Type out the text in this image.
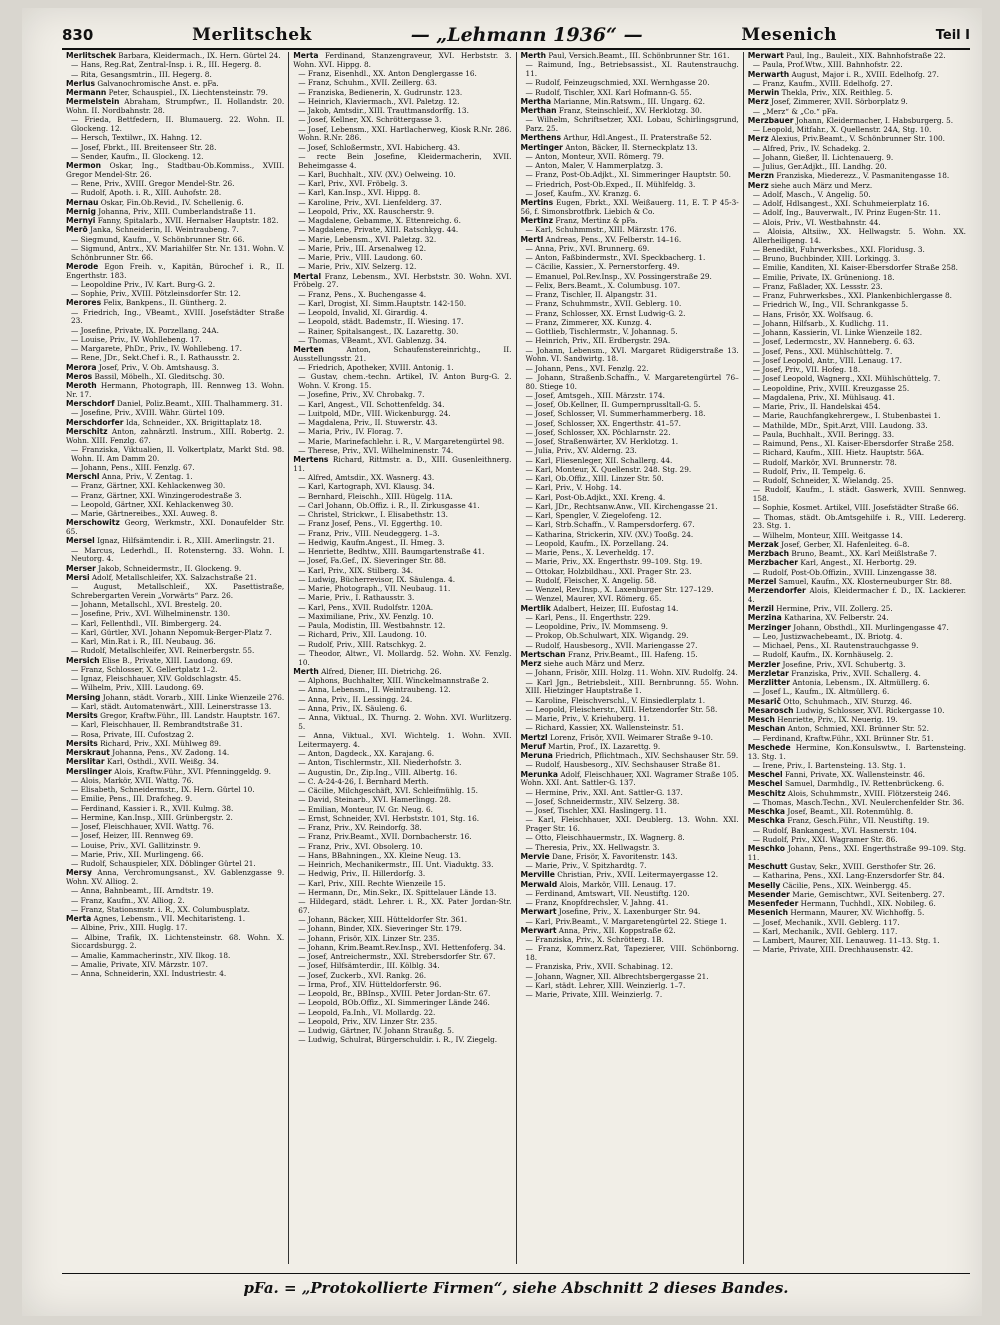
830	Merlitschek	— „Lehmann 1936“ —	Mesenich	Teil I

Merlitschek Barbara, Kleidermach., IX. Hern. Gürtel 24.

— Hans, Reg.Rat, Zentral-Insp. i. R., III. Hegerg. 8.

— Rita, Gesangsmtrin., III. Hegerg. 8.

Merlus Galvanochromische Anst. e. pFa.

Mermann Peter, Schauspiel., IX. Liechtensteinstr. 79.

Mermelstein Abraham, Strumpfwr., II. Hollandstr. 20. Wohn. II. Nordbahnstr. 28.

— Frieda, Bettfedern, II. Blumauerg. 22. Wohn. II. Glockeng. 12.

— Hersch, Textilwr., IX. Hahng. 12.

— Josef, Fbrkt., III. Breitenseer Str. 28.

— Sender, Kaufm., II. Glockeng. 12.

Mermon Oskar, Ing., Stadtbau-Ob.Kommiss., XVIII. Gregor Mendel-Str. 26.

— Rene, Priv., XVIII. Gregor Mendel-Str. 26.

— Rudolf, Apoth. i. R., XIII. Auhofstr. 28.

Mernau Oskar, Fin.Ob.Revid., IV. Schellenig. 6.

Mernig Johanna, Priv., XIII. Cumberlandstraße 11.

Mernyi Fanny, Spitalarb., XVII. Hernalser Hauptstr. 182.

Merö Janka, Schneiderin, II. Weintraubeng. 7.

— Siegmund, Kaufm., V. Schönbrunner Str. 66.

— Sigmund, Antrx., XV. Mariahilfer Str. Nr. 131. Wohn. V. Schönbrunner Str. 66.

Merode Egon Freih. v., Kapitän, Bürochef i. R., II. Engerthstr. 183.

— Leopoldine Priv., IV. Kart. Burg-G. 2.

— Sophie, Priv., XVIII. Pötzleinsdorfer Str. 12.

Merores Felix, Bankpens., II. Güntherg. 2.

— Friedrich, Ing., VBeamt., XVIII. Josefstädter Straße 23.

— Josefine, Private, IX. Porzellang. 24A.

— Louise, Priv., IV. Wohllebeng. 17.

— Margarete, PhDr., Priv., IV. Wohllebeng. 17.

— Rene, JDr., Sekt.Chef i. R., I. Rathausstr. 2.

Merora Josef, Priv., V. Ob. Amtshausg. 3.

Meros Bassil, Möbelh., XI. Gleditschg. 30.

Meroth Hermann, Photograph, III. Rennweg 13. Wohn. Nr. 17.

Merschdorf Daniel, Poliz.Beamt., XIII. Thalhammerg. 31.

— Josefine, Priv., XVIII. Währ. Gürtel 109.

Merschdorfer Ida, Schneider., XX. Brigittaplatz 18.

Merschitz Anton, zahnärztl. Instrum., XIII. Robertg. 2. Wohn. XIII. Fenzlg. 67.

— Franziska, Viktualien, II. Volkertplatz, Markt Std. 98. Wohn. II. Am Damm 20.

— Johann, Pens., XIII. Fenzlg. 67.

Merschl Anna, Priv., V. Zentag. 1.

— Franz, Gärtner, XXI. Kehlackenweg 30.

— Franz, Gärtner, XXI. Winzingerodestraße 3.

— Leopold, Gärtner, XXI. Kehlackenweg 30.

— Marie, Gärtnereibes., XXI. Auweg. 8.

Merschowitz Georg, Werkmstr., XXI. Donaufelder Str. 65.

Mersel Ignaz, Hilfsämtendir. i. R., XIII. Amerlingstr. 21.

— Marcus, Lederhdl., II. Rotensterng. 33. Wohn. I. Neutorg. 4.

Merser Jakob, Schneidermstr., II. Glockeng. 9.

Mersi Adolf, Metallschleifer, XX. Salzachstraße 21.

— August, Metallschleif., XX. Pasettistraße, Schrebergarten Verein „Vorwärts“ Parz. 26.

— Johann, Metallschl., XVI. Brestelg. 20.

— Josefine, Priv., XVI. Wilhelminenstr. 130.

— Karl, Fellenthdl., VII. Bimbergerg. 24.

— Karl, Gürtler, XVI. Johann Nepomuk-Berger-Platz 7.

— Karl, Min.Rat i. R., III. Neubaug. 36.

— Rudolf, Metallschleifer, XVI. Reinerbergstr. 55.

Mersich Elise B., Private, XIII. Laudong. 69.

— Franz, Schlosser, X. Gellertplatz 1–2.

— Ignaz, Fleischhauer, XIV. Goldschlagstr. 45.

— Wilhelm, Priv., XIII. Laudong. 69.

Mersing Johann, städt. Vorarb., XIII. Linke Wienzeile 276.

— Karl, städt. Automatenwärt., XIII. Leinerstrasse 13.

Mersits Gregor, Kraftw.Führ., III. Landstr. Hauptstr. 167.

— Karl, Fleischhauer, II. Rembrandtstraße 31.

— Rosa, Private, III. Cufostzag 2.

Mersits Richard, Priv., XXI. Mühlweg 89.

Merskraut Johanna, Pens., XV. Zadong. 14.

Merslitar Karl, Osthdl., XVII. Weißg. 34.

Merslinger Alois, Kraftw.Führ., XVI. Pfenninggeldg. 9.

— Alois, Markör, XVII. Wattg. 76.

— Elisabeth, Schneidermstr., IX. Hern. Gürtel 10.

— Emilie, Pens., III. Drafcheg. 9.

— Ferdinand, Kassier i. R., XVII. Kulmg. 38.

— Hermine, Kan.Insp., XIII. Grünbergstr. 2.

— Josef, Fleischhauer, XVII. Wattg. 76.

— Josef, Heizer, III. Rennweg 69.

— Louise, Priv., XVI. Gallitzinstr. 9.

— Marie, Priv., XII. Murlingeng. 66.

— Rudolf, Schauspieler, XIX. Döblinger Gürtel 21.

Mersy Anna, Verchromungsanst., XV. Gablenzgasse 9. Wohn. XV. Alliog. 2.

— Anna, Bahnbeamt., III. Arndtstr. 19.

— Franz, Kaufm., XV. Alliog. 2.

— Franz, Stationsmstr. i. R., XX. Columbusplatz.

Merta Agnes, Lebensm., VII. Mechitaristeng. 1.

— Albine, Priv., XIII. Huglg. 17.

— Albine, Trafik, IX. Lichtensteinstr. 68. Wohn. X. Siccardsburgg. 2.

— Amalie, Kammacherinstr., XIV. Ilkog. 18.

— Amalie, Private, XIV. Märzstr. 107.

— Anna, Schneiderin, XXI. Industriestr. 4.

Merta Ferdinand, Stanzengraveur, XVI. Herbststr. 3. Wohn. XVI. Hippg. 8.

— Franz, Eisenhdl., XX. Anton Denglergasse 16.

— Franz, Schuhm., XVII. Zeillerg. 63.

— Franziska, Bedienerin, X. Gudrunstr. 123.

— Heinrich, Klaviermach., XVI. Paletzg. 12.

— Jakob, Amtsdir., XIII. Trauttmansdorffg. 13.

— Josef, Kellner, XX. Schröttergasse 3.

— Josef, Lebensm., XXI. Hartlacherweg, Kiosk R.Nr. 286. Wohn. R.Nr. 286.

— Josef, Schloßermstr., XVI. Habicherg. 43.

— recte Bein Josefine, Kleidermacherin, XVII. Beheimgasse 4.

— Karl, Buchhalt., XIV. (XV.) Oelweing. 10.

— Karl, Priv., XVI. Fröbelg. 3.

— Karl, Kan.Insp., XVI. Hippg. 8.

— Karoline, Priv., XVI. Lienfelderg. 37.

— Leopold, Priv., XX. Rauscherstr. 9.

— Magdalene, Gebamme, X. Ettenreichg. 6.

— Magdalene, Private, XIII. Ratschkyg. 44.

— Marie, Lebensm., XVI. Paletzg. 32.

— Marie, Priv., III. Arsenalweg 12.

— Marie, Priv., VIII. Laudong. 60.

— Marie, Priv., XIV. Selzerg. 12.

Mertal Franz, Lebensm., XVI. Herbststr. 30. Wohn. XVI. Fröbelg. 27.

— Franz, Pens., X. Buchengasse 4.

— Karl, Drogist, XI. Simm.Hauptstr. 142-150.

— Leopold, Invalid, XI. Girardig. 4.

— Leopold, städt. Bademstr., II. Wiesing. 17.

— Rainer, Spitalsangest., IX. Lazarettg. 30.

— Thomas, VBeamt., XVI. Gablenzg. 34.

Merten	Anton, Schaufenstereinrichtg., II. Ausstellungsstr. 21.

— Friedrich, Apotheker, XVIII. Antonig. 1.

— Gustav, chem.-techn. Artikel, IV. Anton Burg-G. 2. Wohn. V. Krong. 15.

— Josefine, Priv., XV. Chrobakg. 7.

— Karl, Angest., VII. Schottenfeldg. 34.

— Luitpold, MDr., VIII. Wickenburgg. 24.

— Magdalena, Priv., II. Stuwerstr. 43.

— Maria, Priv., IV. Florag. 7.

— Marie, Marinefachlehr. i. R., V. Margaretengürtel 98.

— Therese, Priv., XVI. Wilhelminenstr. 74.

Mertens Richard, Rittmstr. a. D., XIII. Gusenleithnerg. 11.

— Alfred, Amtsdir., XX. Wasnerg. 43.

— Karl, Kartograph, XVI. Klausg. 34.

— Bernhard, Fleischh., XIII. Hügelg. 11A.

— Carl Johann, Ob.Offiz. i. R., II. Zirkusgasse 41.

— Christel, Strickwr., I. Elisabethstr. 13.

— Franz Josef, Pens., VI. Eggerthg. 10.

— Franz, Priv., VIII. Neudeggerg. 1–3.

— Hedwig, Kaufm.Angest., II. Hmeg. 3.

— Henriette, Bedhtw., XIII. Baumgartenstraße 41.

— Josef, Fa.Gef., IX. Sieveringer Str. 88.

— Karl, Priv., XIX. Stilberg. 34.

— Ludwig, Bücherrevisor, IX. Säulenga. 4.

— Marie, Photograph., VII. Neubaug. 11.

— Marie, Priv., I. Rathausstr. 3.

— Karl, Pens., XVII. Rudolfstr. 120A.

— Maximiliane, Priv., XV. Fenzlg. 10.

— Paula, Modistin, III. Westbahnstr. 12.

— Richard, Priv., XII. Laudong. 10.

— Rudolf, Priv., XIII. Ratschkyg. 2.

— Theodor, Altwr., VI. Mollardg. 52. Wohn. XV. Fenzlg. 10.

Merth Alfred, Diener, III. Dietrichg. 26.

— Alphons, Buchhalter, XIII. Winckelmannstraße 2.

— Anna, Lebensm., II. Weintraubeng. 12.

— Anna, Priv., II. Lessingg. 24.

— Anna, Priv., IX. Säuleng. 6.

— Anna, Viktual., IX. Thurng. 2. Wohn. XVI. Wurlitzerg. 5.

— Anna, Viktual., XVI. Wichtelg. 1. Wohn. XVII. Leitermayerg. 4.

— Anton, Dagdeck., XX. Karajang. 6.

— Anton, Tischlermstr., XII. Niederhofstr. 3.

— Augustin, Dr., Zip.Ing., VIII. Albertg. 16.

— C. A-24-4-26, I. Bernhard Merth.

— Cäcilie, Milchgeschäft, XVI. Schleifmühlg. 15.

— David, Steinarb., XVI. Hamerlingg. 28.

— Emilian, Monteur, IV. Gr. Neug. 6.

— Ernst, Schneider, XVI. Herbststr. 101, Stg. 16.

— Franz, Priv., XV. Reindorfg. 38.

— Franz, Priv.Beamt., XVII. Dornbacherstr. 16.

— Franz, Priv., XVI. Obsolerg. 10.

— Hans, BBahningen., XX. Kleine Neug. 13.

— Heinrich, Mechanikermstr., III. Unt. Viaduktg. 33.

— Hedwig, Priv., II. Hillerdorfg. 3.

— Karl, Priv., XIII. Rechte Wienzeile 15.

— Hermann, Dr., Min.Sekr., IX. Spittelauer Lände 13.

— Hildegard, städt. Lehrer. i. R., XX. Pater Jordan-Str. 67.

— Johann, Bäcker, XIII. Hütteldorfer Str. 361.

— Johann, Binder, XIX. Sieveringer Str. 179.

— Johann, Frisör, XIX. Linzer Str. 235.

— Johann, Krim.Beamt.Rev.Insp., XVI. Hettenfoferg. 34.

— Josef, Antreichermstr., XXI. Strebersdorfer Str. 67.

— Josef, Hilfsämterdir., III. Kölblg. 34.

— Josef, Zuckerb., XVI. Rankg. 26.

— Irma, Prof., XIV. Hütteldorferstr. 96.

— Leopold, Br., BBInsp., XVIII. Peter Jordan-Str. 67.

— Leopold, BOb.Offiz., XI. Simmeringer Lände 246.

— Leopold, Fa.Inh., VI. Mollardg. 22.

— Leopold, Priv., XIV. Linzer Str. 235.

— Ludwig, Gärtner, IV. Johann Straußg. 5.

— Ludwig, Schulrat, Bürgerschuldir. i. R., IV. Ziegelg.

Merth Paul, Versich.Beamt., III. Schönbrunner Str. 161.

— Raimund, Ing., Betriebsassist., XI. Rautenstrauchg. 11.

— Rudolf, Feinzeugschmied, XXI. Wernhgasse 20.

— Rudolf, Tischler, XXI. Karl Hofmann-G. 55.

Mertha Marianne, Min.Ratswm., III. Ungarg. 62.

Merthan Franz, Steinschleif., XV. Herklotzg. 30.

— Wilhelm, Schriftsetzer, XXI. Lobau, Schirlingsgrund, Parz. 25.

Merthens Arthur, Hdl.Angest., II. Praterstraße 52.

Mertinger Anton, Bäcker, II. Sterneckplatz 13.

— Anton, Monteur, XVII. Römerg. 79.

— Anton, Maler, V. Hammerplatzg. 3.

— Franz, Post-Ob.Adjkt., XI. Simmeringer Hauptstr. 50.

— Friedrich, Post-Ob.Exped., II. Mühlfeldg. 3.

— Josef, Kaufm., XV. Kranzg. 6.

Mertins Eugen, Fbrkt., XXI. Weißauerg. 11, E. T. P 45-3-56, f. Simonsbrotfbrk. Liebich & Co.

Mertinz Franz, Mertinz & pFa.

— Karl, Schuhmmstr., XIII. Märzstr. 176.

Mertl Andreas, Pens., XV. Felberstr. 14–16.

— Anna, Priv., XVI. Brunnerg. 69.

— Anton, Faßbindermstr., XVI. Speckbacherg. 1.

— Cäcilie, Kassier., X. Pernerstorferg. 49.

— Emanuel, Pol.Rev.Insp., XV. Possingerstraße 29.

— Felix, Bers.Beamt., X. Columbusg. 107.

— Franz, Tischler, II. Alpangstr. 31.

— Franz, Schuhmmstr., XVII. Geblerg. 10.

— Franz, Schlosser, XX. Ernst Ludwig-G. 2.

— Franz, Zimmerer, XX. Kunzg. 4.

— Gottlieb, Tischlermstr., V. Johannag. 5.

— Heinrich, Priv., XII. Erdbergstr. 29A.

— Johann, Lebensm., XVI. Margaret Rüdigerstraße 13. Wohn. VI. Sandwirtg. 18.

— Johann, Pens., XVI. Fenzlg. 22.

— Johann, Straßenb.Schaffn., V. Margaretengürtel 76–80. Stiege 10.

— Josef, Amtsgeh., XIII. Märzstr. 174.

— Josef, Ob.Kellner, II. Gumpernprussltall-G. 5.

— Josef, Schlosser, VI. Summerhammerberg. 18.

— Josef, Schlosser, XX. Engerthstr. 41–57.

— Josef, Schlosser, XX. Pöchlarnstr. 22.

— Josef, Straßenwärter, XV. Herklotzg. 1.

— Julia, Priv., XV. Alderng. 23.

— Karl, Fliesenleger, XII. Schallerg. 44.

— Karl, Monteur, X. Quellenstr. 248. Stg. 29.

— Karl, Ob.Offiz., XIII. Linzer Str. 50.

— Karl, Priv., V. Hohg. 14.

— Karl, Post-Ob.Adjkt., XXI. Kreng. 4.

— Karl, JDr., Rechtsanw.Anw., VII. Kirchengasse 21.

— Karl, Spengler, V. Ziegelofeng. 12.

— Karl, Strb.Schaffn., V. Rampersdorferg. 67.

— Katharina, Strickerin, XIV. (XV.) Tooßg. 24.

— Leopold, Kaufm., IX. Porzellang. 24.

— Marie, Pens., X. Leverheldg. 17.

— Marie, Priv., XX. Engerthstr. 99–109. Stg. 19.

— Ottokar, Holzbildhau., XXI. Prager Str. 23.

— Rudolf, Fleischer, X. Angelig. 58.

— Wenzel, Rev.Insp., X. Laxenburger Str. 127–129.

— Wenzel, Maurer, XVI. Römerg. 65.

Mertlik Adalbert, Heizer, III. Eufostag 14.

— Karl, Pens., II. Engerthstr. 229.

— Leopoldine, Priv., IV. Mommseng. 9.

— Prokop, Ob.Schulwart, XIX. Wigandg. 29.

— Rudolf, Hausbesorg., XVII. Mariengasse 27.

Mertschan Franz, Priv.Beamt., III. Hafeng. 15.

Merz siehe auch März und Merz.

— Johann, Frisör, XIII. Holzg. 11. Wohn. XIV. Rudolfg. 24.

— Karl Jgn., Betriebsleit., XIII. Bernbrunng. 55. Wohn. XIII. Hietzinger Hauptstraße 1.

— Karoline, Fleischverschl., V. Einsiedlerplatz 1.

— Leopold, Fleischerstr., XIII. Hetzendorfer Str. 58.

— Marie, Priv., V. Kriehuberg. 11.

— Richard, Kassier, XX. Wallensteinstr. 51.

Mertzl Lorenz, Frisör, XVII. Weimarer Straße 9–10.

Meruf Martin, Prof., IX. Lazarettg. 9.

Meruna Friedrich, Pflichtmach., XIV. Sechshauser Str. 59.

— Rudolf, Hausbesorg., XIV. Sechshauser Straße 81.

Merunka Adolf, Fleischhauer, XXI. Wagramer Straße 105. Wohn. XXI. Ant. Sattler-G. 137.

— Hermine, Priv., XXI. Ant. Sattler-G. 137.

— Josef, Schneidermstr., XIV. Selzerg. 38.

— Josef, Tischler, XXI. Haslingerg. 11.

— Karl, Fleischhauer, XXI. Deublerg. 13. Wohn. XXI. Prager Str. 16.

— Otto, Fleischhauermstr., IX. Wagnerg. 8.

— Theresia, Priv., XX. Hellwagstr. 3.

Mervie Dane, Frisör, X. Favoritenstr. 143.

— Marie, Priv., V. Spitzhardtg. 7.

Merville Christian, Priv., XVII. Leitermayergasse 12.

Merwald Alois, Markör, VIII. Lenaug. 17.

— Ferdinand, Amtswart, VII. Neustiftg. 120.

— Franz, Knopfdrechsler, V. Jahng. 41.

Merwart Josefine, Priv., X. Laxenburger Str. 94.

— Karl, Priv.Beamt., V. Margaretengürtel 22. Stiege 1.

Merwart Anna, Priv., XII. Koppstraße 62.

— Franziska, Priv., X. Schrötterg. 1B.

— Franz, Kommerz.Rat, Tapezierer, VIII. Schönborng. 18.

— Franziska, Priv., XVII. Schabinag. 12.

— Johann, Wagner, XII. Albrechtsbergergasse 21.

— Karl, städt. Lehrer, XIII. Weinzierlg. 1–7.

— Marie, Private, XIII. Weinzierlg. 7.

Merwart Paul, Ing., Bauleit., XIX. Bahnhofstraße 22.

— Paula, Prof.Wtw., XIII. Bahnhofstr. 22.

Merwarth August, Major i. R., XVIII. Edelhofg. 27.

— Franz, Kaufm., XVIII. Edelhofg. 27.

Merwin Thekla, Priv., XIX. Reithleg. 5.

Merz Josef, Zimmerer, XVII. Sörborplatz 9.

— „Merz“ & „Co.“ pFa.

Merzbauer Johann, Kleidermacher, I. Habsburgerg. 5.

— Leopold, Mitfahr., X. Quellenstr. 24A, Stg. 10.

Merz Alexius, Priv.Beamt., V. Schönbrunner Str. 100.

— Alfred, Priv., IV. Schadekg. 2.

— Johann, Gießer, II. Lichtenauerg. 9.

— Julius, Ger.Adjkt., III. Landhg. 20.

Merzn Franziska, Miederezz., V. Pasmanitengasse 18.

Merz siehe auch März und Merz.

— Adolf, Masch., V. Angelig. 50.

— Adolf, Hdlsangest., XXI. Schuhmeierplatz 16.

— Adolf, Ing., Bauverwalt., IV. Prinz Eugen-Str. 11.

— Alois, Priv., VI. Westbahnstr. 44.

— Aloisia, Altsiiw., XX. Hellwagstr. 5. Wohn. XX. Allerheiligeng. 14.

— Benedikt, Fuhrwerksbes., XXI. Floridusg. 3.

— Bruno, Buchbinder, XIII. Lorkingg. 3.

— Emilie, Kanditen, XI. Kaiser-Ebersdorfer Straße 258.

— Emilie, Private, IX. Grüneniong. 18.

— Franz, Faßlader, XX. Lessstr. 23.

— Franz, Fuhrwerksbes., XXI. Plankenbichlergasse 8.

— Friedrich W., Ing., VII. Schrankgasse 5.

— Hans, Frisör, XX. Wolfsaug. 6.

— Johann, Hilfsarb., X. Kudlichg. 11.

— Johann, Kassierin, VI. Linke Wienzeile 182.

— Josef, Ledermcstr., XV. Hanneberg. 6. 63.

— Josef, Pens., XXI. Mühlschüttelg. 7.

— Josef Leopold, Antr., VIII. Lenaug. 17.

— Josef, Priv., VII. Hofeg. 18.

— Josef Leopold, Wagnerg., XXI. Mühlschüttelg. 7.

— Leopoldine, Priv., XVIII. Kreuzgasse 25.

— Magdalena, Priv., XI. Mühlsaug. 41.

— Marie, Priv., II. Handelskai 454.

— Marie, Rauchfangkehrergew., I. Stubenbastei 1.

— Mathilde, MDr., Spit.Arzt, VIII. Laudong. 33.

— Paula, Buchhalt., XVII. Beringg. 33.

— Raimund, Pens., XI. Kaiser-Ebersdorfer Straße 258.

— Richard, Kaufm., XIII. Hietz. Hauptstr. 56A.

— Rudolf, Markör, XVI. Brunnerstr. 78.

— Rudolf, Priv., II. Tempelg. 6.

— Rudolf, Schneider, X. Wielandg. 25.

— Rudolf, Kaufm., I. städt. Gaswerk, XVIII. Sennweg. 158.

— Sophie, Kosmet. Artikel, VIII. Josefstädter Straße 66.

— Thomas, städt. Ob.Amtsgehilfe i. R., VIII. Ledererg. 23. Stg. 1.

— Wilhelm, Monteur, XIII. Weitgasse 14.

Merzak Josef, Gerber, XI. Hafenleiteg. 6–8.

Merzbach Bruno, Beamt., XX. Karl Meißlstraße 7.

Merzbacher Karl, Angest., XI. Herbortg. 29.

— Rudolf, Post-Ob.Offizin., XVIII. Linzengasse 38.

Merzel Samuel, Kaufm., XX. Klosterneuburger Str. 88.

Merzendorfer Alois, Kleidermacher f. D., IX. Lackierer. 4.

Merzil Hermine, Priv., VII. Zollerg. 25.

Merzina Katharina, XV. Felberstr. 24.

Merzinger Johann, Obsthdl., XII. Murlingengasse 47.

— Leo, Justizwachebeamt., IX. Briotg. 4.

— Michael, Pens., XI. Rautenstrauchgasse 9.

— Rudolf, Kaufm., IX. Kornhäuselg. 2.

Merzler Josefine, Priv., XVI. Schubertg. 3.

Merzletar Franziska, Priv., XVII. Schallerg. 4.

Merzlitter Antonia, Lebensm., IX. Altmüllerg. 6.

— Josef L., Kaufm., IX. Altmüllerg. 6.

Mesarič Otto, Schuhmach., XIV. Sturzg. 46.

Mesarosch Ludwig, Schlosser, XVI. Rickergasse 10.

Mesch Henriette, Priv., IX. Neuerig. 19.

Meschan Anton, Schmied, XXI. Brünner Str. 52.

— Ferdinand, Kraftw.Führ., XXI. Brünner Str. 51.

Meschede Hermine, Kon.Konsulswtw., I. Bartensteing. 13. Stg. 1.

— Irene, Priv., I. Bartensteing. 13. Stg. 1.

Meschel Fanni, Private, XX. Wallensteinstr. 46.

Meschel Samuel, Darmhdlg., IV. Rettenbrückeng. 6.

Meschitz Alois, Schuhmmstr., XVIII. Flötzersteig 246.

— Thomas, Masch.Techn., XVI. Neulerchenfelder Str. 36.

Meschka Josef, Beamt., XII. Rotenmühlg. 8.

Meschka Franz, Gesch.Führ., VII. Neustiftg. 19.

— Rudolf, Bankangest., XVI. Hasnerstr. 104.

— Rudolf, Priv., XXI. Wagramer Str. 86.

Meschko Johann, Pens., XXI. Engerthstraße 99–109. Stg. 11.

Meschutt Gustav, Sekr., XVIII. Gersthofer Str. 26.

— Katharina, Pens., XXI. Lang-Enzersdorfer Str. 84.

Meselly Cäcilie, Pens., XIX. Weinbergg. 45.

Mesender Marie, Gemischtwr., XVI. Seitenberg. 27.

Mesenfeder Hermann, Tuchhdl., XIX. Nobileg. 6.

Mesenich Hermann, Maurer, XV. Wichhoffg. 5.

— Josef, Mechanik., XVII. Geblerg. 117.

— Karl, Mechanik., XVII. Geblerg. 117.

— Lambert, Maurer, XII. Lenauweg. 11–13. Stg. 1.

— Marie, Private, XIII. Drechhausenstr. 42.

pFa. = „Protokollierte Firmen“, siehe Abschnitt 2 dieses Bandes.
